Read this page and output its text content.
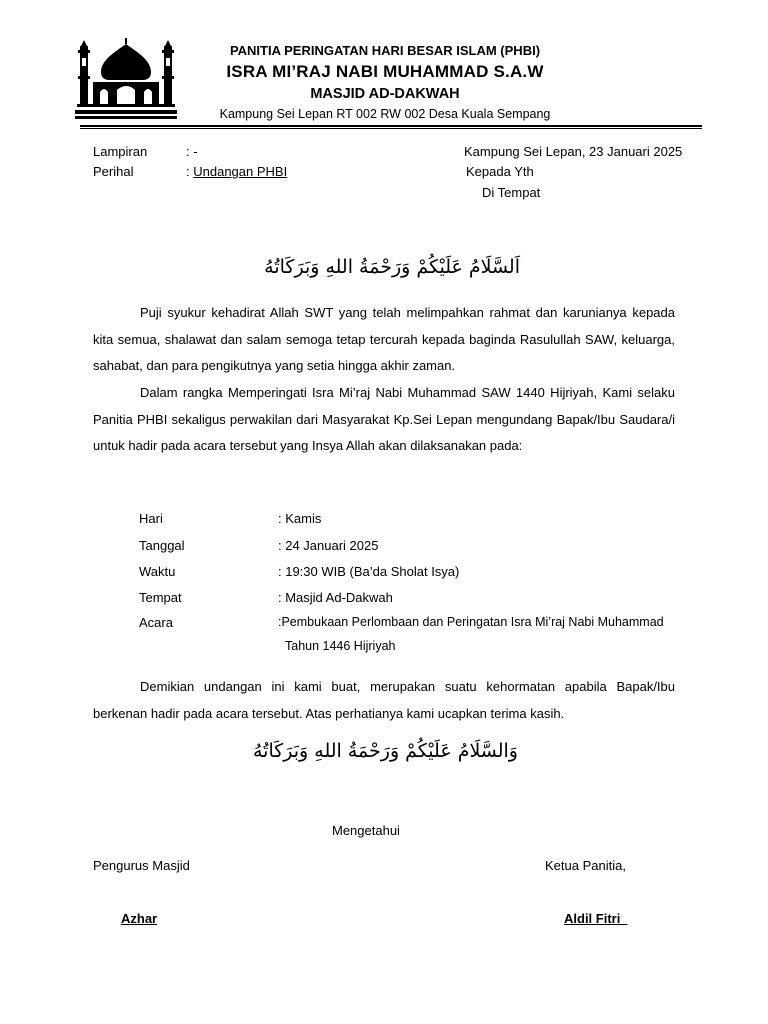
PANITIA PERINGATAN HARI BESAR ISLAM (PHBI)
ISRA MI’RAJ NABI MUHAMMAD S.A.W
MASJID AD-DAKWAH
Kampung Sei Lepan RT 002 RW 002 Desa Kuala Sempang
Lampiran	: -
Perihal	: Undangan PHBI
Kampung Sei Lepan, 23 Januari 2025
Kepada Yth
Di Tempat
اَلسَّلَامُ عَلَيْكُمْ وَرَحْمَةُ اللهِ وَبَرَكَاتُهُ
Puji syukur kehadirat Allah SWT yang telah melimpahkan rahmat dan karunianya kepada kita semua, shalawat dan salam semoga tetap tercurah kepada baginda Rasulullah SAW, keluarga, sahabat, dan para pengikutnya yang setia hingga akhir zaman.
Dalam rangka Memperingati Isra Mi’raj Nabi Muhammad SAW 1440 Hijriyah, Kami selaku Panitia PHBI sekaligus perwakilan dari Masyarakat Kp.Sei Lepan mengundang Bapak/Ibu Saudara/i untuk hadir pada acara tersebut yang Insya Allah akan dilaksanakan pada:
Hari	: Kamis
Tanggal	: 24 Januari 2025
Waktu	: 19:30 WIB (Ba’da Sholat Isya)
Tempat	: Masjid Ad-Dakwah
Acara	:Pembukaan Perlombaan dan Peringatan Isra Mi’raj Nabi Muhammad
Tahun 1446 Hijriyah
Demikian undangan ini kami buat, merupakan suatu kehormatan apabila Bapak/Ibu berkenan hadir pada acara tersebut. Atas perhatianya kami ucapkan terima kasih.
وَالسَّلَامُ عَلَيْكُمْ وَرَحْمَةُ اللهِ وَبَرَكَاتُهُ
Mengetahui
Pengurus Masjid	Ketua Panitia,
Azhar	Aldil Fitri
